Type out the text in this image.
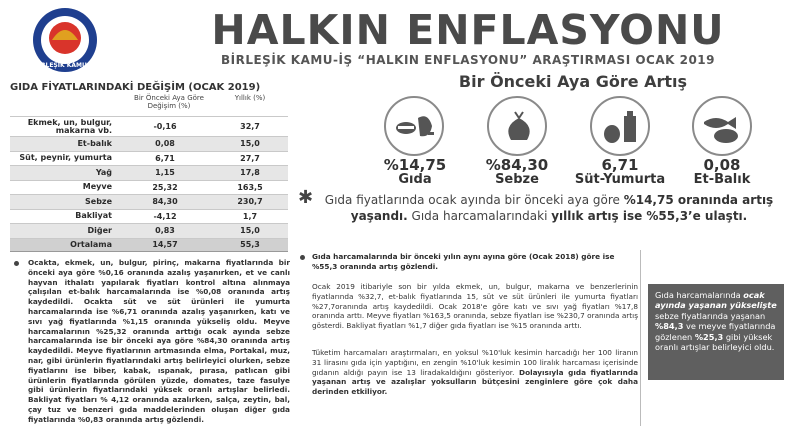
BİRLEŞİK KAMU-İŞ
HALKIN ENFLASYONU
BİRLEŞİK KAMU-İŞ “HALKIN ENFLASYONU” ARAŞTIRMASI OCAK 2019
GIDA FİYATLARINDAKİ DEĞİŞİM (OCAK 2019)
Bir Önceki Aya Göre Değişim (%)
Yıllık (%)
Ekmek, un, bulgur, makarna vb.	-0,16	32,7
Et-balık	0,08	15,0
Süt, peynir, yumurta	6,71	27,7
Yağ	1,15	17,8
Meyve	25,32	163,5
Sebze	84,30	230,7
Bakliyat	-4,12	1,7
Diğer	0,83	15,0
Ortalama	14,57	55,3
Bir Önceki Aya Göre Artış
%14,75
Gıda
%84,30
Sebze
6,71
Süt-Yumurta
0,08
Et-Balık
✱ Gıda fiyatlarında ocak ayında bir önceki aya göre %14,75 oranında artış yaşandı. Gıda harcamalarındaki yıllık artış ise %55,3’e ulaştı.
Ocakta, ekmek, un, bulgur, pirinç, makarna fiyatlarında bir önceki aya göre %0,16 oranında azalış yaşanırken, et ve canlı hayvan ithalatı yapılarak fiyatları kontrol altına alınmaya çalışılan et-balık harcamalarında ise %0,08 oranında artış kaydedildi. Ocakta süt ve süt ürünleri ile yumurta harcamalarında ise %6,71 oranında azalış yaşanırken, katı ve sıvı yağ fiyatlarında %1,15 oranında yükseliş oldu. Meyve harcamalarının %25,32 oranında arttığı ocak ayında sebze harcamalarında ise bir önceki aya göre %84,30 oranında artış kaydedildi. Meyve fiyatlarının artmasında elma, Portakal, muz, nar, gibi ürünlerin fiyatlarındaki artış belirleyici olurken, sebze fiyatlarını ise biber, kabak, ıspanak, pırasa, patlıcan gibi ürünlerin fiyatlarında görülen yüzde, domates, taze fasulye gibi ürünlerin fiyatlarındaki yüksek oranlı artışlar belirledi. Bakliyat fiyatları % 4,12 oranında azalırken, salça, zeytin, bal, çay tuz ve benzeri gıda maddelerinden oluşan diğer gıda fiyatlarında %0,83 oranında artış gözlendi.
Gıda harcamalarında bir önceki yılın aynı ayına göre (Ocak 2018) göre ise %55,3 oranında artış gözlendi.
Ocak 2019 itibariyle son bir yılda ekmek, un, bulgur, makarna ve benzerlerinin fiyatlarında %32,7, et-balık fiyatlarında 15, süt ve süt ürünleri ile yumurta fiyatları %27,7oranında artış kaydedildi. Ocak 2018'e göre katı ve sıvı yağ fiyatları %17,8 oranında arttı. Meyve fiyatları %163,5 oranında, sebze fiyatları ise %230,7 oranında artış gösterdi. Bakliyat fiyatları %1,7 diğer gıda fiyatları ise %15 oranında arttı.
Tüketim harcamaları araştırmaları, en yoksul %10'luk kesimin harcadığı her 100 liranın 31 lirasını gıda için yaptığını, en zengin %10'luk kesimin 100 liralık harcaması içerisinde gıdanın aldığı payın ise 13 liradakaldığını gösteriyor. Dolayısıyla gıda fiyatlarında yaşanan artış ve azalışlar yoksulların bütçesini zenginlere göre çok daha derinden etkiliyor.
Gıda harcamalarında ocak ayında yaşanan yükselişte sebze fiyatlarında yaşanan %84,3 ve meyve fiyatlarında gözlenen %25,3 gibi yüksek oranlı artışlar belirleyici oldu.
